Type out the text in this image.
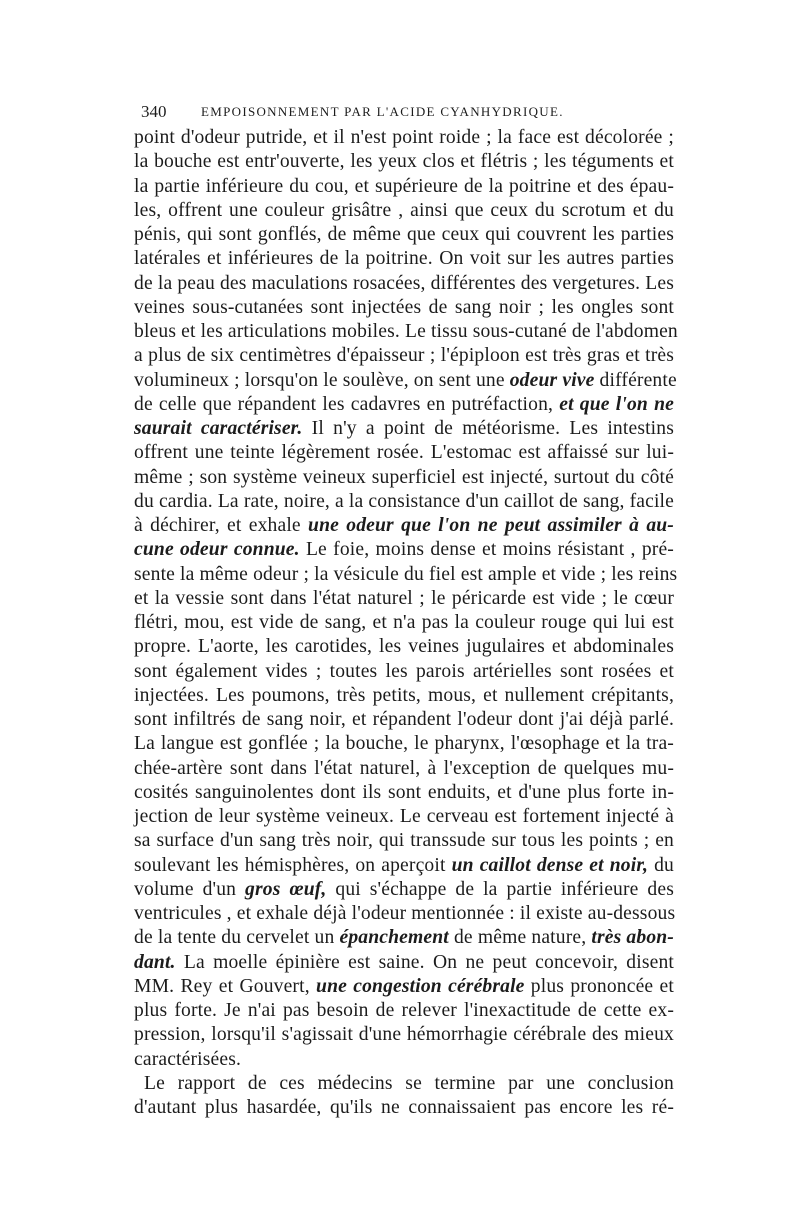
340	EMPOISONNEMENT PAR L'ACIDE CYANHYDRIQUE.
point d'odeur putride, et il n'est point roide ; la face est décolorée ;
la bouche est entr'ouverte, les yeux clos et flétris ; les téguments et
la partie inférieure du cou, et supérieure de la poitrine et des épau-
les, offrent une couleur grisâtre , ainsi que ceux du scrotum et du
pénis, qui sont gonflés, de même que ceux qui couvrent les parties
latérales et inférieures de la poitrine. On voit sur les autres parties
de la peau des maculations rosacées, différentes des vergetures. Les
veines sous-cutanées sont injectées de sang noir ; les ongles sont
bleus et les articulations mobiles. Le tissu sous-cutané de l'abdomen
a plus de six centimètres d'épaisseur ; l'épiploon est très gras et très
volumineux ; lorsqu'on le soulève, on sent une odeur vive différente
de celle que répandent les cadavres en putréfaction, et que l'on ne
saurait caractériser. Il n'y a point de météorisme. Les intestins
offrent une teinte légèrement rosée. L'estomac est affaissé sur lui-
même ; son système veineux superficiel est injecté, surtout du côté
du cardia. La rate, noire, a la consistance d'un caillot de sang, facile
à déchirer, et exhale une odeur que l'on ne peut assimiler à au-
cune odeur connue. Le foie, moins dense et moins résistant , pré-
sente la même odeur ; la vésicule du fiel est ample et vide ; les reins
et la vessie sont dans l'état naturel ; le péricarde est vide ; le cœur
flétri, mou, est vide de sang, et n'a pas la couleur rouge qui lui est
propre. L'aorte, les carotides, les veines jugulaires et abdominales
sont également vides ; toutes les parois artérielles sont rosées et
injectées. Les poumons, très petits, mous, et nullement crépitants,
sont infiltrés de sang noir, et répandent l'odeur dont j'ai déjà parlé.
La langue est gonflée ; la bouche, le pharynx, l'œsophage et la tra-
chée-artère sont dans l'état naturel, à l'exception de quelques mu-
cosités sanguinolentes dont ils sont enduits, et d'une plus forte in-
jection de leur système veineux. Le cerveau est fortement injecté à
sa surface d'un sang très noir, qui transsude sur tous les points ; en
soulevant les hémisphères, on aperçoit un caillot dense et noir, du
volume d'un gros œuf, qui s'échappe de la partie inférieure des
ventricules , et exhale déjà l'odeur mentionnée : il existe au-dessous
de la tente du cervelet un épanchement de même nature, très abon-
dant. La moelle épinière est saine. On ne peut concevoir, disent
MM. Rey et Gouvert, une congestion cérébrale plus prononcée et
plus forte. Je n'ai pas besoin de relever l'inexactitude de cette ex-
pression, lorsqu'il s'agissait d'une hémorrhagie cérébrale des mieux
caractérisées.
Le rapport de ces médecins se termine par une conclusion
d'autant plus hasardée, qu'ils ne connaissaient pas encore les ré-
